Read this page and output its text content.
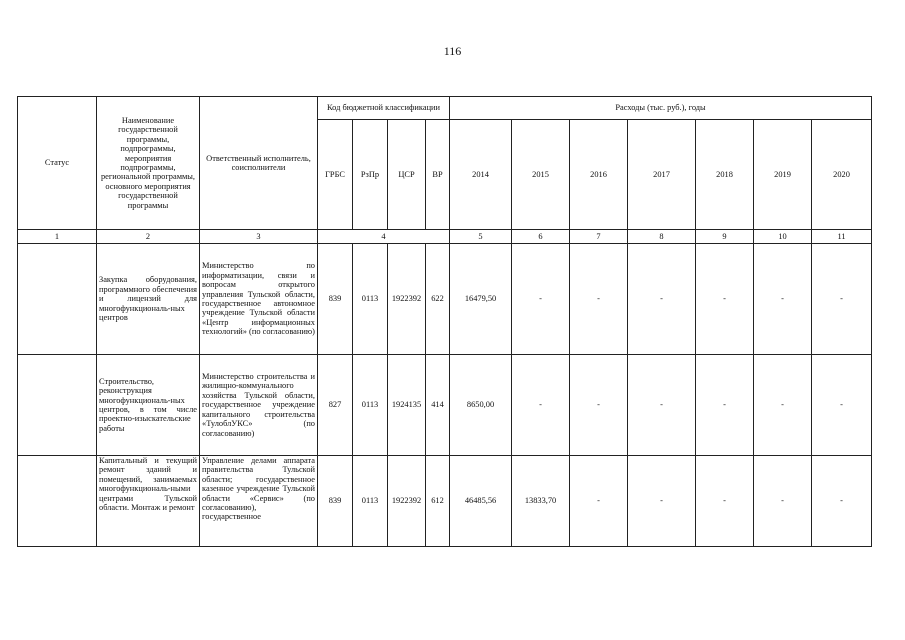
116
Статус	Наименование государственной программы, подпрограммы, мероприятия подпрограммы, региональной программы, основного мероприятия государственной программы	Ответственный исполнитель, соисполнители	Код бюджетной классификации				Расходы (тыс. руб.), годы						
			ГРБС	РзПр	ЦСР	ВР	2014	2015	2016	2017	2018	2019	2020
1	2	3	4				5	6	7	8	9	10	11
	Закупка оборудования, программного обеспечения и лицензий для многофункциональ-ных центров	Министерство по информатизации, связи и вопросам открытого управления Тульской области, государственное автономное учреждение Тульской области «Центр информационных технологий» (по согласованию)	839	0113	1922392	622	16479,50	-	-	-	-	-	-
	Строительство, реконструкция многофункциональ-ных центров, в том числе проектно-изыскательские работы	Министерство строительства и жилищно-коммунального хозяйства Тульской области, государственное учреждение капитального строительства «ТулоблУКС» (по согласованию)	827	0113	1924135	414	8650,00	-	-	-	-	-	-
	Капитальный и текущий ремонт зданий и помещений, занимаемых многофункциональ-ными центрами Тульской области. Монтаж и ремонт	Управление делами аппарата правительства Тульской области; государственное казенное учреждение Тульской области «Сервис» (по согласованию), государственное	839	0113	1922392	612	46485,56	13833,70	-	-	-	-	-
